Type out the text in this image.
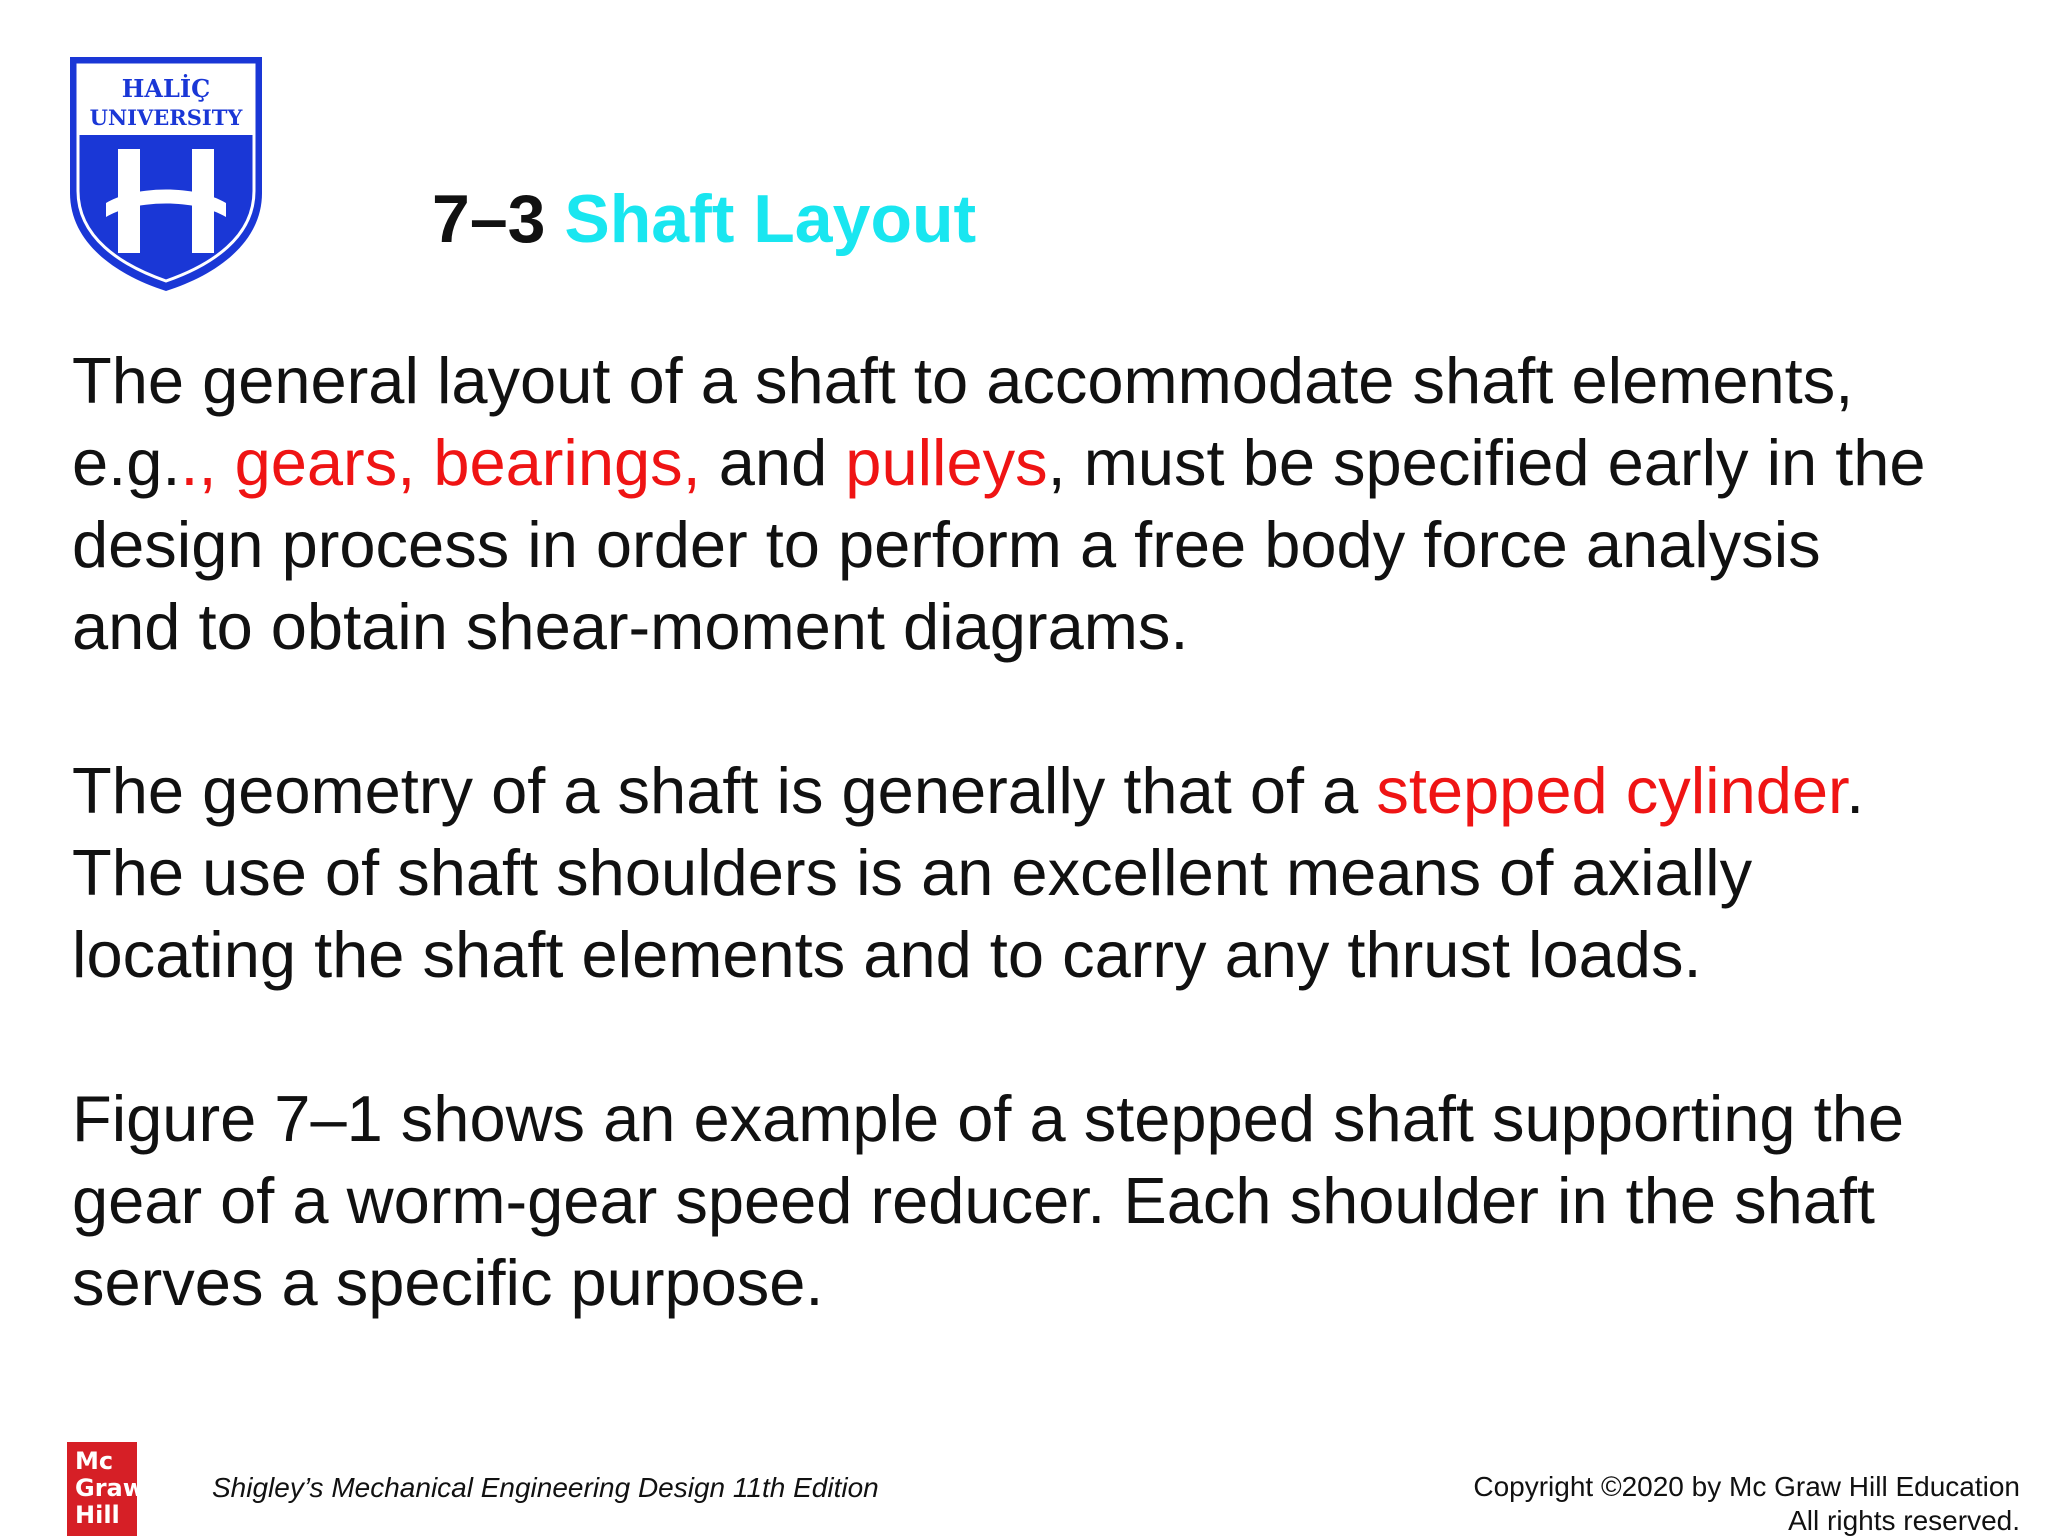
HALİÇ
UNIVERSITY
7–3 Shaft Layout

The general layout of a shaft to accommodate shaft elements,
e.g.., gears, bearings, and pulleys, must be specified early in the
design process in order to perform a free body force analysis
and to obtain shear-moment diagrams.

The geometry of a shaft is generally that of a stepped cylinder.
The use of shaft shoulders is an excellent means of axially
locating the shaft elements and to carry any thrust loads.

Figure 7–1 shows an example of a stepped shaft supporting the
gear of a worm-gear speed reducer. Each shoulder in the shaft
serves a specific purpose.

Mc
Graw
Hill
Shigley’s Mechanical Engineering Design 11th Edition	Copyright ©2020 by Mc Graw Hill Education
All rights reserved.
